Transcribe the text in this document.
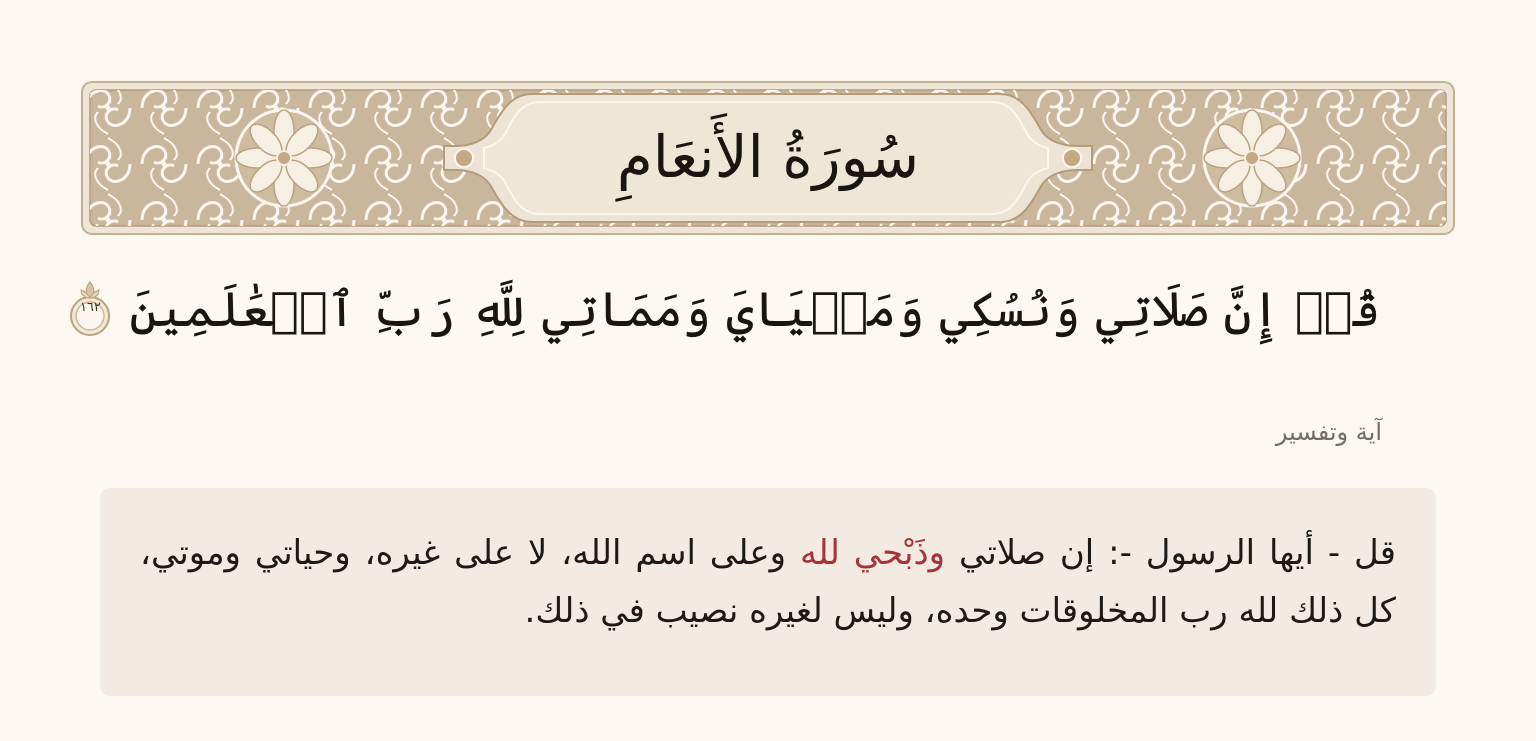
سُورَةُ الأَنعَامِ
قُلۡ إِنَّ صَلَاتِي وَنُسُكِي وَمَحۡيَايَ وَمَمَاتِي لِلَّهِ رَبِّ ٱلۡعَٰلَمِينَ
١٦٢
آية وتفسير
قل - أيها الرسول -: إن صلاتي وذَبْحي لله وعلى اسم الله، لا على غيره، وحياتي وموتي، كل ذلك لله رب المخلوقات وحده، وليس لغيره نصيب في ذلك.
